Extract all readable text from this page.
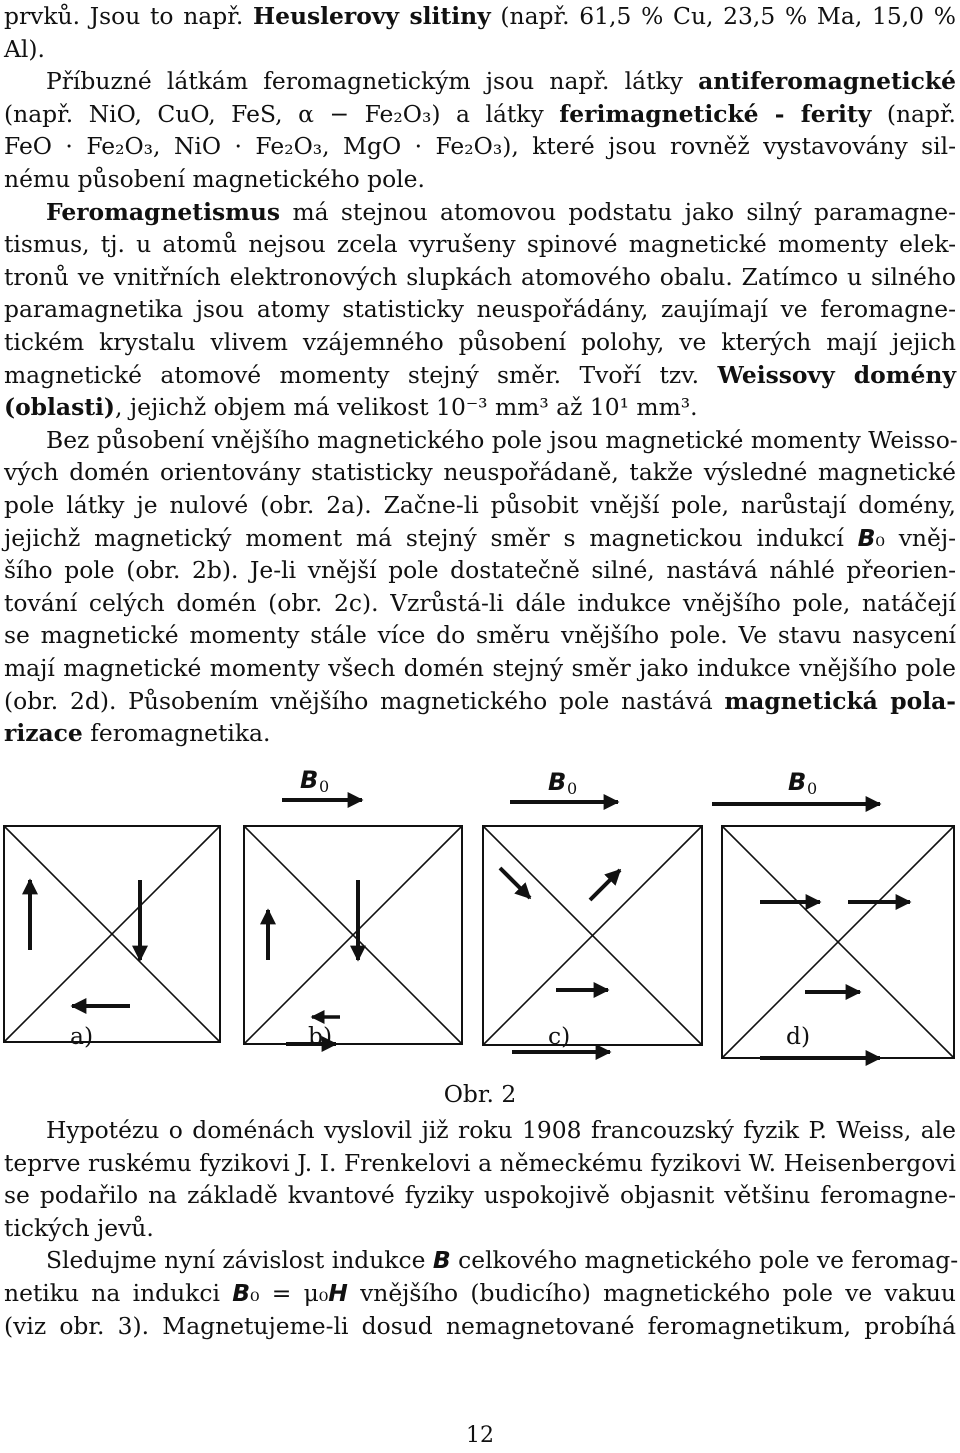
prvků. Jsou to např. Heuslerovy slitiny (např. 61,5 % Cu, 23,5 % Ma, 15,0 %
Al).
Příbuzné látkám feromagnetickým jsou např. látky antiferomagnetické
(např. NiO, CuO, FeS, α − Fe₂O₃) a látky ferimagnetické - ferity (např.
FeO · Fe₂O₃, NiO · Fe₂O₃, MgO · Fe₂O₃), které jsou rovněž vystavovány sil-
nému působení magnetického pole.
Feromagnetismus má stejnou atomovou podstatu jako silný paramagne-
tismus, tj. u atomů nejsou zcela vyrušeny spinové magnetické momenty elek-
tronů ve vnitřních elektronových slupkách atomového obalu. Zatímco u silného
paramagnetika jsou atomy statisticky neuspořádány, zaujímají ve feromagne-
tickém krystalu vlivem vzájemného působení polohy, ve kterých mají jejich
magnetické atomové momenty stejný směr. Tvoří tzv. Weissovy domény
(oblasti), jejichž objem má velikost 10⁻³ mm³ až 10¹ mm³.
Bez působení vnějšího magnetického pole jsou magnetické momenty Weisso-
vých domén orientovány statisticky neuspořádaně, takže výsledné magnetické
pole látky je nulové (obr. 2a). Začne-li působit vnější pole, narůstají domény,
jejichž magnetický moment má stejný směr s magnetickou indukcí B₀ vněj-
šího pole (obr. 2b). Je-li vnější pole dostatečně silné, nastává náhlé přeorien-
tování celých domén (obr. 2c). Vzrůstá-li dále indukce vnějšího pole, natáčejí
se magnetické momenty stále více do směru vnějšího pole. Ve stavu nasycení
mají magnetické momenty všech domén stejný směr jako indukce vnějšího pole
(obr. 2d). Působením vnějšího magnetického pole nastává magnetická pola-
rizace feromagnetika.
B 0	B 0	B 0
a)	b)	c)	d)
Obr. 2
Hypotézu o doménách vyslovil již roku 1908 francouzský fyzik P. Weiss, ale
teprve ruskému fyzikovi J. I. Frenkelovi a německému fyzikovi W. Heisenbergovi
se podařilo na základě kvantové fyziky uspokojivě objasnit většinu feromagne-
tických jevů.
Sledujme nyní závislost indukce B celkového magnetického pole ve feromag-
netiku na indukci B₀ = μ₀H vnějšího (budicího) magnetického pole ve vakuu
(viz obr. 3). Magnetujeme-li dosud nemagnetované feromagnetikum, probíhá
12
